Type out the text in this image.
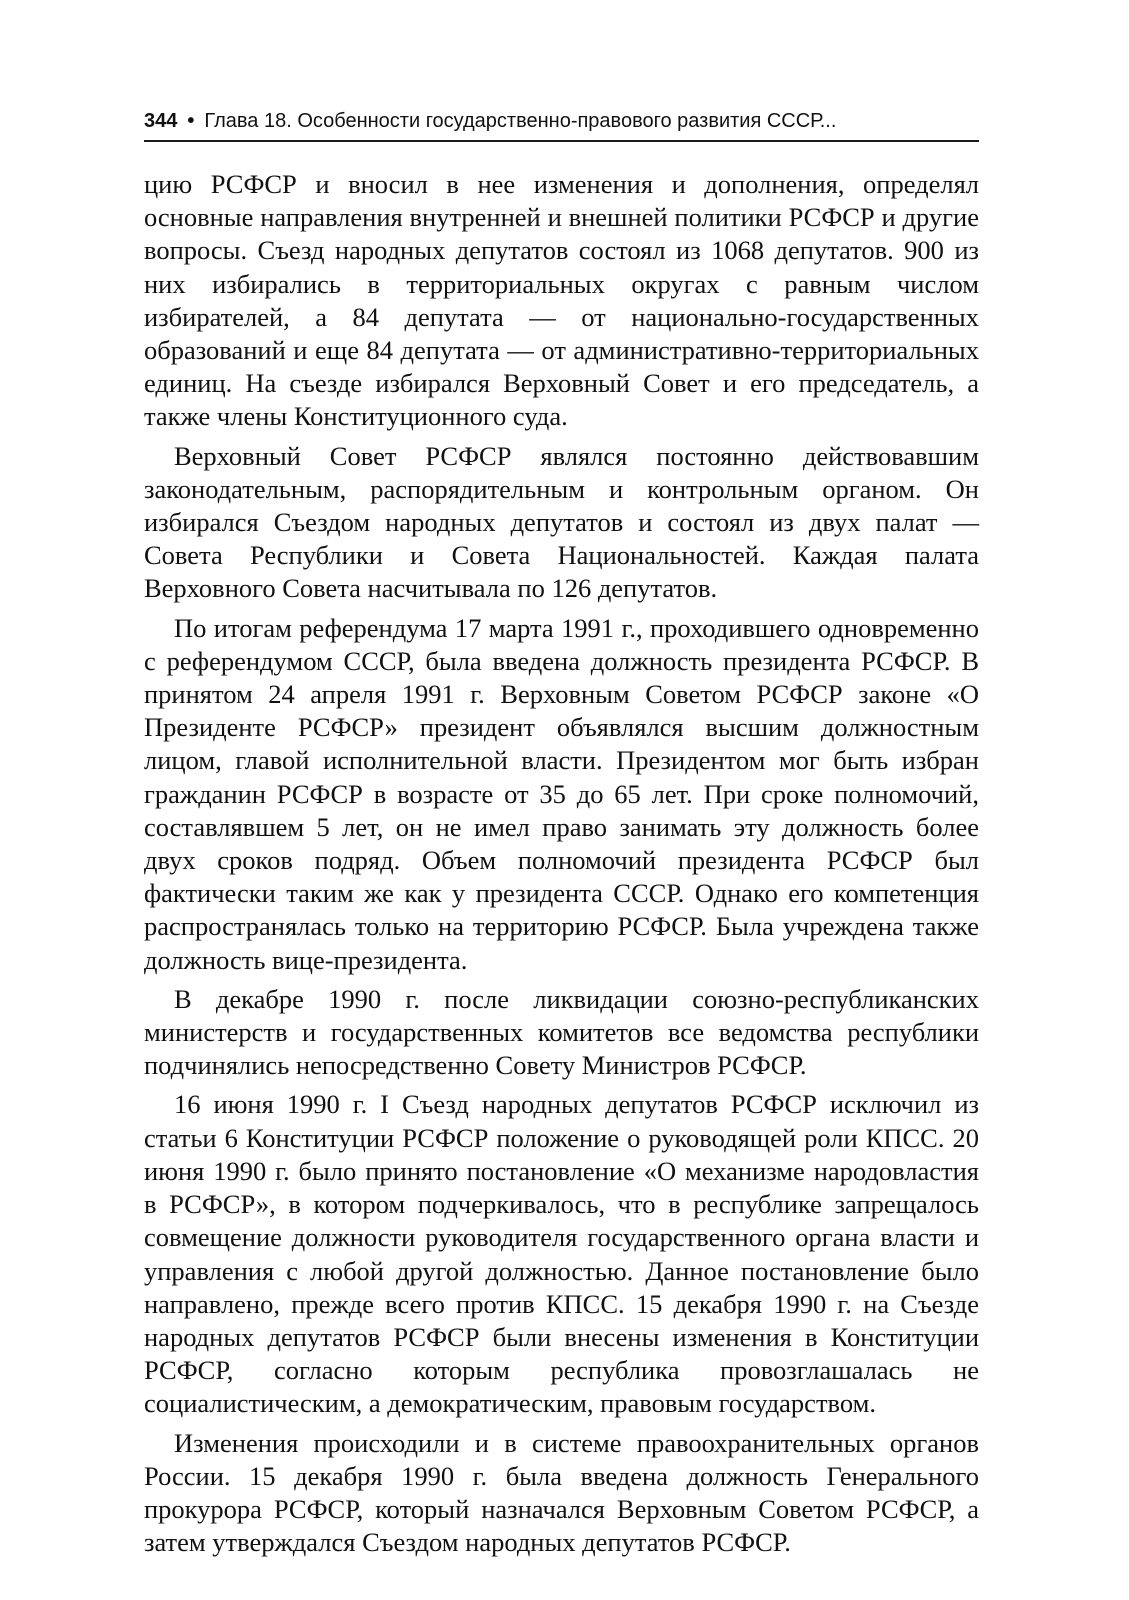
344 • Глава 18. Особенности государственно-правового развития СССР...

цию РСФСР и вносил в нее изменения и дополнения, определял основные направления внутренней и внешней политики РСФСР и другие вопросы. Съезд народных депутатов состоял из 1068 депутатов. 900 из них избирались в территориальных округах с равным числом избирателей, а 84 депутата — от национально-государственных образований и еще 84 депутата — от административно-территориальных единиц. На съезде избирался Верховный Совет и его председатель, а также члены Конституционного суда.

Верховный Совет РСФСР являлся постоянно действовавшим законодательным, распорядительным и контрольным органом. Он избирался Съездом народных депутатов и состоял из двух палат — Совета Республики и Совета Национальностей. Каждая палата Верховного Совета насчитывала по 126 депутатов.

По итогам референдума 17 марта 1991 г., проходившего одновременно с референдумом СССР, была введена должность президента РСФСР. В принятом 24 апреля 1991 г. Верховным Советом РСФСР законе «О Президенте РСФСР» президент объявлялся высшим должностным лицом, главой исполнительной власти. Президентом мог быть избран гражданин РСФСР в возрасте от 35 до 65 лет. При сроке полномочий, составлявшем 5 лет, он не имел право занимать эту должность более двух сроков подряд. Объем полномочий президента РСФСР был фактически таким же как у президента СССР. Однако его компетенция распространялась только на территорию РСФСР. Была учреждена также должность вице-президента.

В декабре 1990 г. после ликвидации союзно-республиканских министерств и государственных комитетов все ведомства республики подчинялись непосредственно Совету Министров РСФСР.

16 июня 1990 г. I Съезд народных депутатов РСФСР исключил из статьи 6 Конституции РСФСР положение о руководящей роли КПСС. 20 июня 1990 г. было принято постановление «О механизме народовластия в РСФСР», в котором подчеркивалось, что в республике запрещалось совмещение должности руководителя государственного органа власти и управления с любой другой должностью. Данное постановление было направлено, прежде всего против КПСС. 15 декабря 1990 г. на Съезде народных депутатов РСФСР были внесены изменения в Конституции РСФСР, согласно которым республика провозглашалась не социалистическим, а демократическим, правовым государством.

Изменения происходили и в системе правоохранительных органов России. 15 декабря 1990 г. была введена должность Генерального прокурора РСФСР, который назначался Верховным Советом РСФСР, а затем утверждался Съездом народных депутатов РСФСР.
